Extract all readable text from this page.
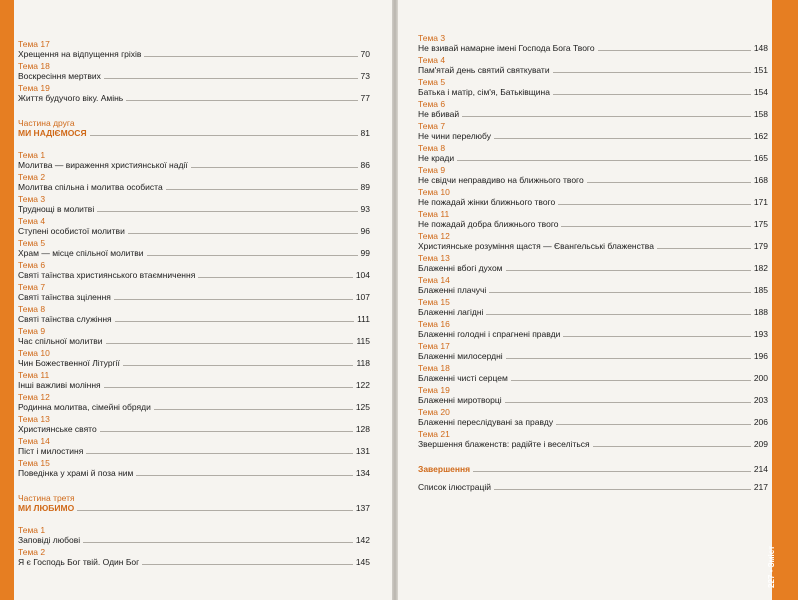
Тема 17
Хрещення на відпущення гріхів	70
Тема 18
Воскресіння мертвих	73
Тема 19
Життя будучого віку. Амінь	77
Частина друга
МИ НАДІЄМОСЯ	81
Тема 1
Молитва — вираження християнської надії	86
Тема 2
Молитва спільна і молитва особиста	89
Тема 3
Труднощі в молитві	93
Тема 4
Ступені особистої молитви	96
Тема 5
Храм — місце спільної молитви	99
Тема 6
Святі таїнства християнського втаємничення	104
Тема 7
Святі таїнства зцілення	107
Тема 8
Святі таїнства служіння	111
Тема 9
Час спільної молитви	115
Тема 10
Чин Божественної Літургії	118
Тема 11
Інші важливі моління	122
Тема 12
Родинна молитва, сімейні обряди	125
Тема 13
Християнське свято	128
Тема 14
Піст і милостиня	131
Тема 15
Поведінка у храмі й поза ним	134
Частина третя
МИ ЛЮБИМО	137
Тема 1
Заповіді любові	142
Тема 2
Я є Господь Бог твій. Один Бог	145
Тема 3
Не взивай намарне імені Господа Бога Твого	148
Тема 4
Пам'ятай день святий святкувати	151
Тема 5
Батька і матір, сім'я, Батьківщина	154
Тема 6
Не вбивай	158
Тема 7
Не чини перелюбу	162
Тема 8
Не кради	165
Тема 9
Не свідчи неправдиво на ближнього твого	168
Тема 10
Не пожадай жінки ближнього твого	171
Тема 11
Не пожадай добра ближнього твого	175
Тема 12
Християнське розуміння щастя — Євангельські блаженства	179
Тема 13
Блаженні вбогі духом	182
Тема 14
Блаженні плачучі	185
Тема 15
Блаженні лагідні	188
Тема 16
Блаженні голодні і спрагнені правди	193
Тема 17
Блаженні милосердні	196
Тема 18
Блаженні чисті серцем	200
Тема 19
Блаженні миротворці	203
Тема 20
Блаженні переслідувані за правду	206
Тема 21
Звершення блаженств: радійте і веселіться	209
Завершення	214
Список ілюстрацій	217
227 • Зміст
